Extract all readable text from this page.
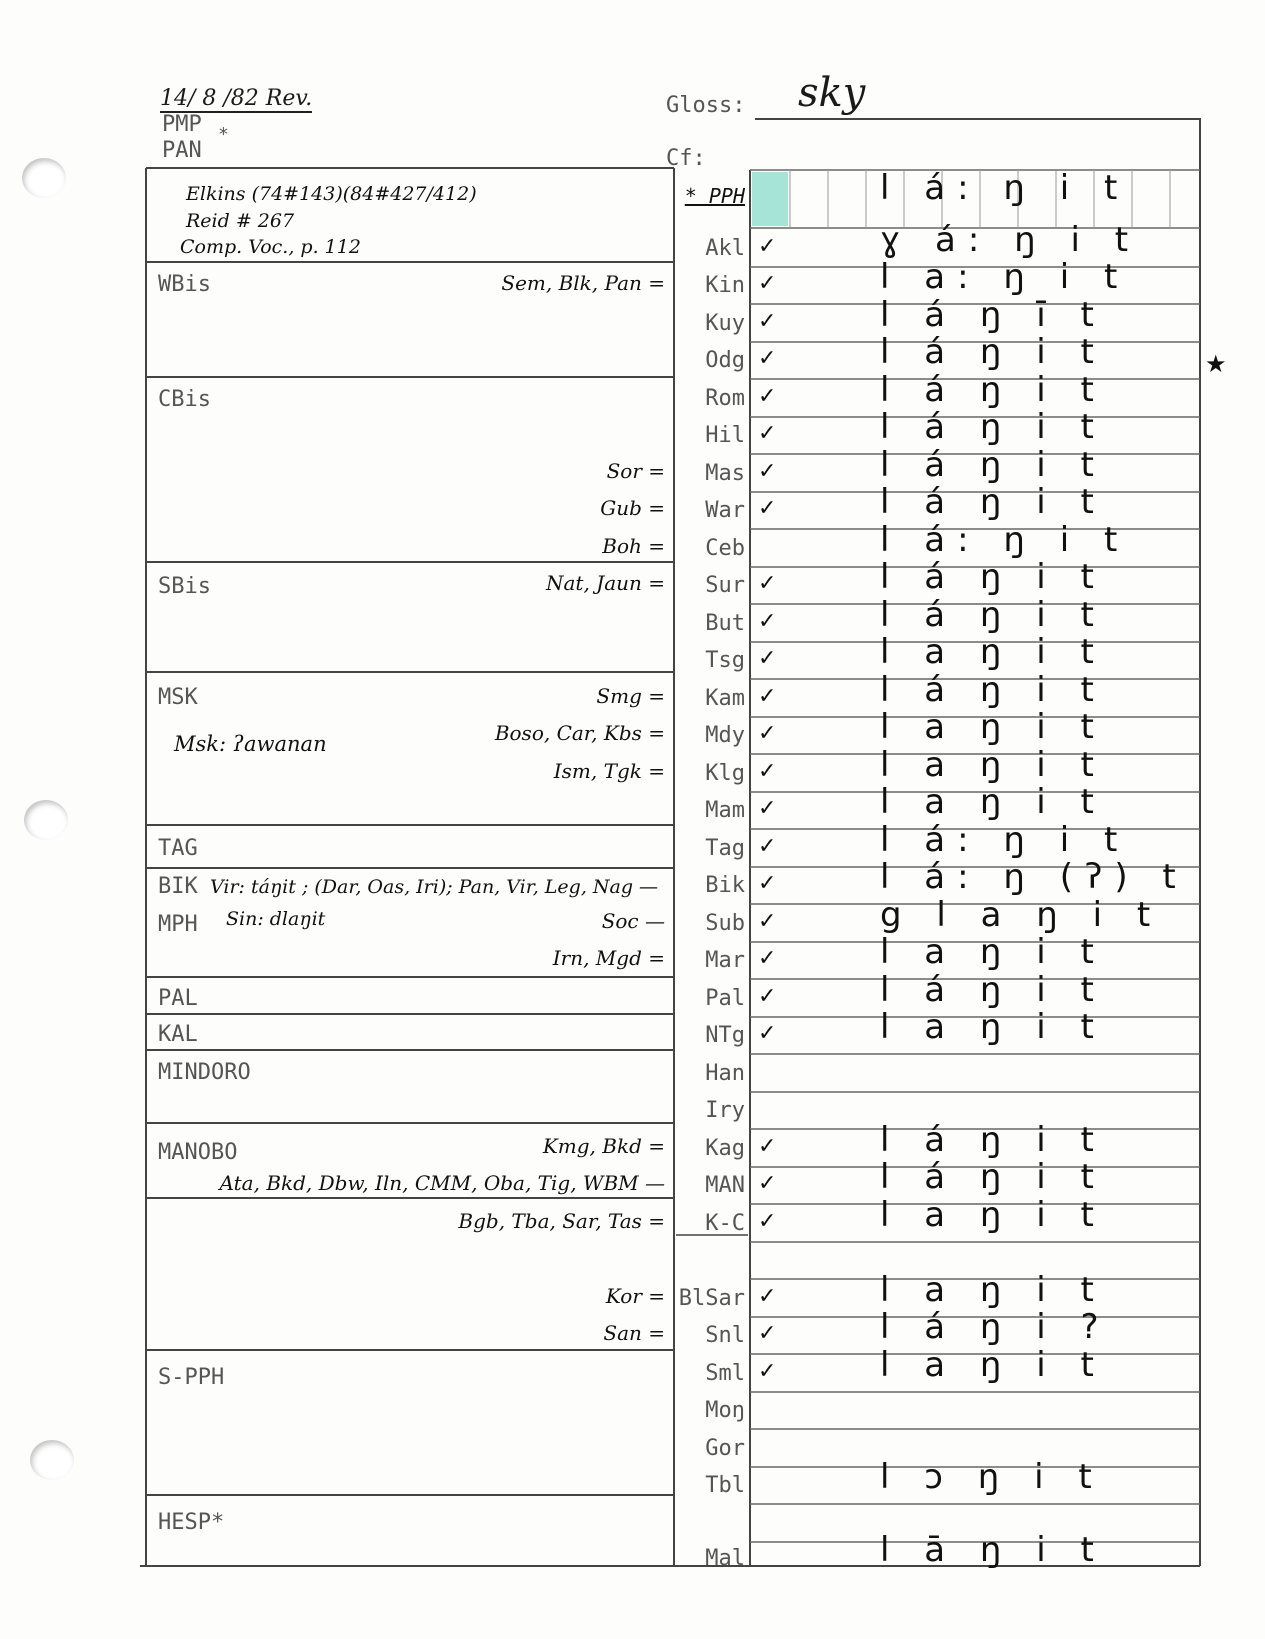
14/ 8 /82 Rev.
PMP *
PAN
Gloss: sky
Cf:
Elkins (74#143)(84#427/412)
Reid # 267
Comp. Voc., p. 112
WBis
CBis
SBis
MSK
TAG
BIK
MPH
PAL
KAL
MINDORO
MANOBO
S-PPH
HESP*
Msk: ʔawanan
Vir: táŋit ; (Dar, Oas, Iri); Pan, Vir, Leg, Nag —
Sin: dlaŋit
★
* PPH	l á: ŋ i t
Akl ✓	ɣ á: ŋ i t
Kin ✓	l a: ŋ i t
Sem, Blk, Pan =
Kuy ✓	l á ŋ ī t
Odg ✓	l á ŋ i t
Rom ✓	l á ŋ i t
Hil ✓	l á ŋ i t
Mas ✓	l á ŋ i t
Sor =
War ✓	l á ŋ i t
Gub =
Ceb	l á: ŋ i t
Boh =
Sur ✓	l á ŋ i t
Nat, Jaun =
But ✓	l á ŋ i t
Tsg ✓	l a ŋ i t
Kam ✓	l á ŋ i t
Smg =
Mdy ✓	l a ŋ i t
Boso, Car, Kbs =
Klg ✓	l a ŋ i t
Ism, Tgk =
Mam ✓	l a ŋ i t
Tag ✓	l á: ŋ i t
Bik ✓	l á: ŋ (ʔ) t
Sub ✓	g l a ŋ i t
Soc —
Mar ✓	l a ŋ i t
Irn, Mgd =
Pal ✓	l á ŋ i t
NTg ✓	l a ŋ i t
Han
Iry
Kag ✓	l á ŋ i t
Kmg, Bkd =
MAN ✓	l á ŋ i t
Ata, Bkd, Dbw, Iln, CMM, Oba, Tig, WBM —
K-C ✓	l a ŋ i t
Bgb, Tba, Sar, Tas =
BlSar ✓	l a ŋ i t
Kor =
Snl ✓	l á ŋ i ?
San =
Sml ✓	l a ŋ i t
Moŋ
Gor
Tbl	l ɔ ŋ i t
Mal	l ā ŋ i t
